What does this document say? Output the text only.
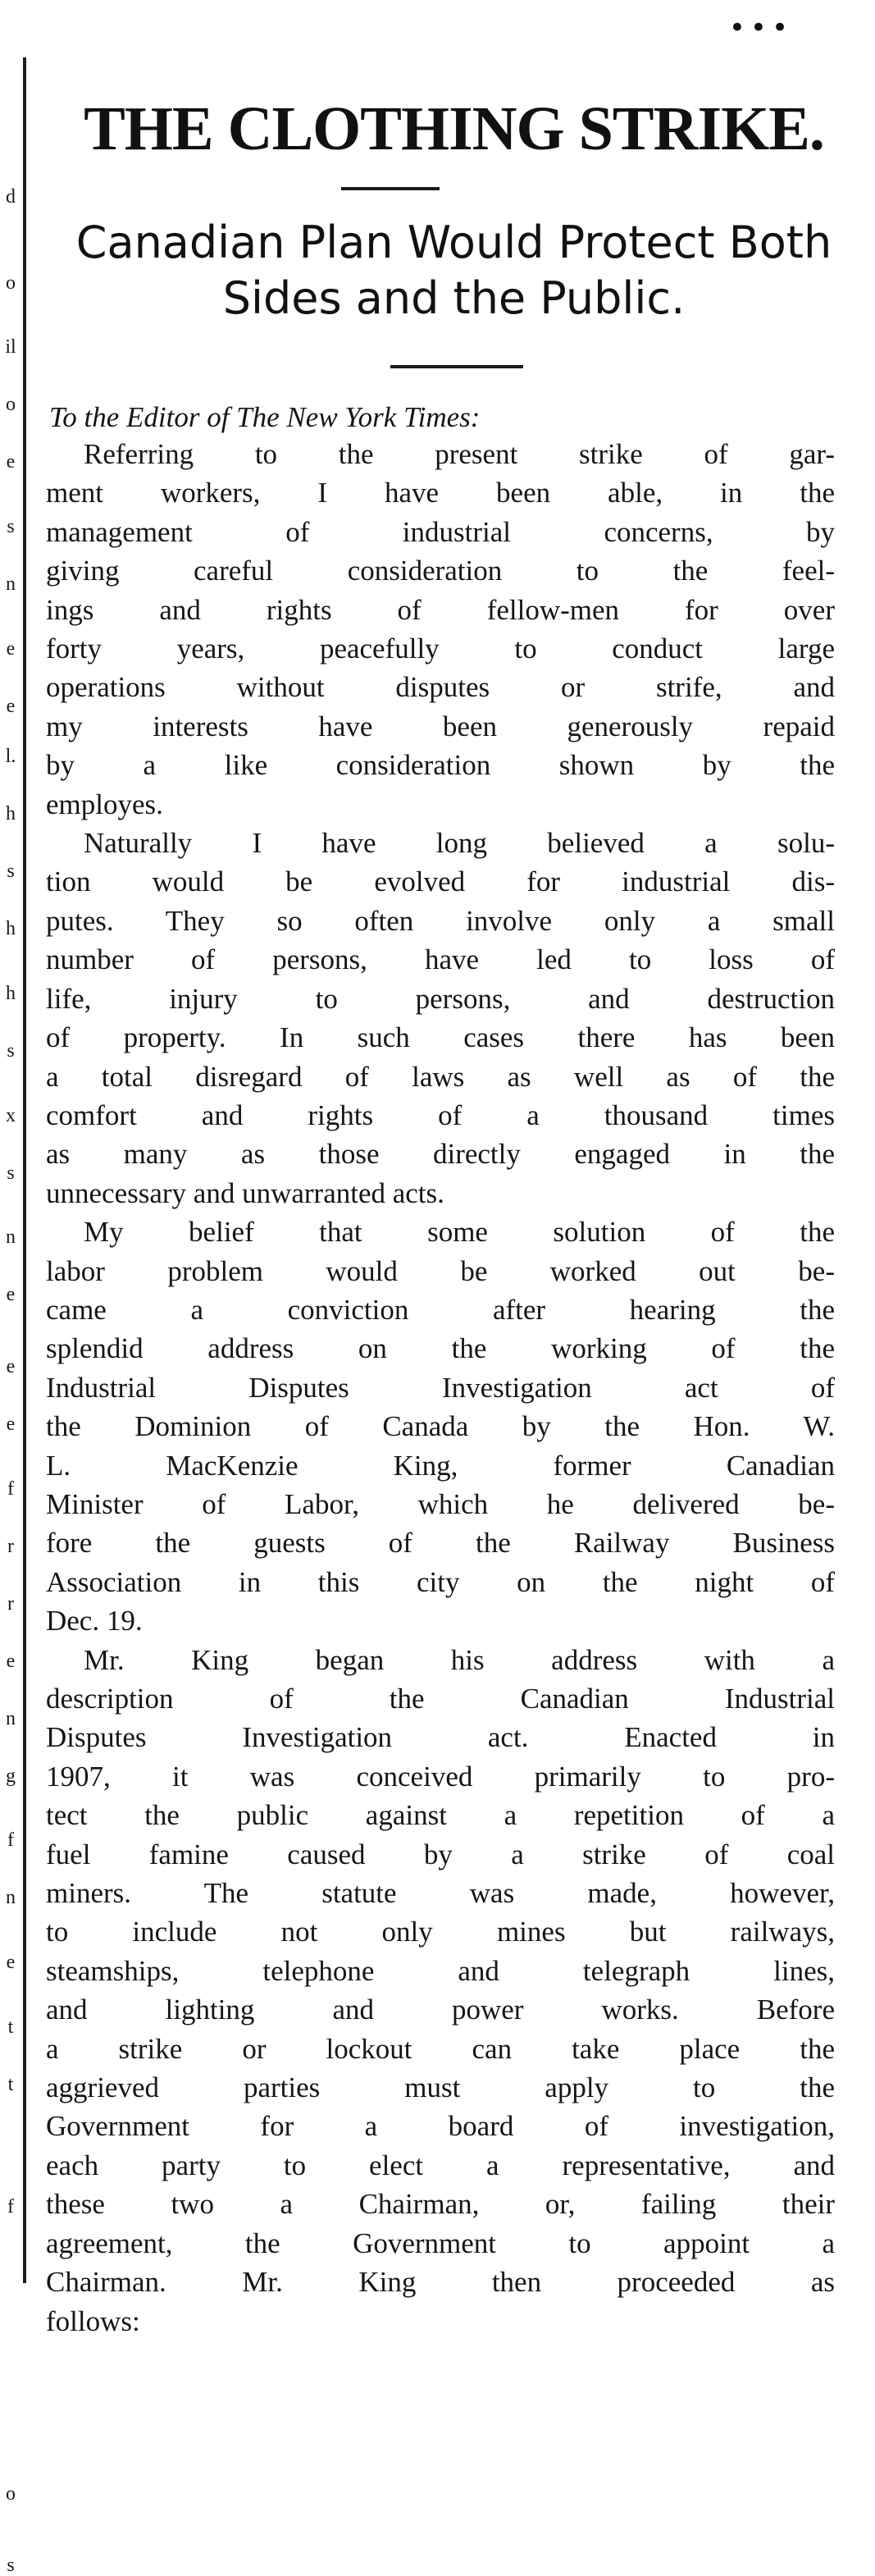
d
o
il
o
e
s
n
e
e
l.
h
s
h
h
s
x
s
n
e
e
e
f
r
r
e
n
g
f
n
e
t
t
f
o
s
•••
THE CLOTHING STRIKE.
Canadian Plan Would Protect Both Sides and the Public.
To the Editor of The New York Times:
Referring to the present strike of gar-
ment workers, I have been able, in the
management of industrial concerns, by
giving careful consideration to the feel-
ings and rights of fellow-men for over
forty years, peacefully to conduct large
operations without disputes or strife, and
my interests have been generously repaid
by a like consideration shown by the
employes.
Naturally I have long believed a solu-
tion would be evolved for industrial dis-
putes. They so often involve only a small
number of persons, have led to loss of
life, injury to persons, and destruction
of property. In such cases there has been
a total disregard of laws as well as of the
comfort and rights of a thousand times
as many as those directly engaged in the
unnecessary and unwarranted acts.
My belief that some solution of the
labor problem would be worked out be-
came a conviction after hearing the
splendid address on the working of the
Industrial Disputes Investigation act of
the Dominion of Canada by the Hon. W.
L. MacKenzie King, former Canadian
Minister of Labor, which he delivered be-
fore the guests of the Railway Business
Association in this city on the night of
Dec. 19.
Mr. King began his address with a
description of the Canadian Industrial
Disputes Investigation act. Enacted in
1907, it was conceived primarily to pro-
tect the public against a repetition of a
fuel famine caused by a strike of coal
miners. The statute was made, however,
to include not only mines but railways,
steamships, telephone and telegraph lines,
and lighting and power works. Before
a strike or lockout can take place the
aggrieved parties must apply to the
Government for a board of investigation,
each party to elect a representative, and
these two a Chairman, or, failing their
agreement, the Government to appoint a
Chairman. Mr. King then proceeded as
follows:
